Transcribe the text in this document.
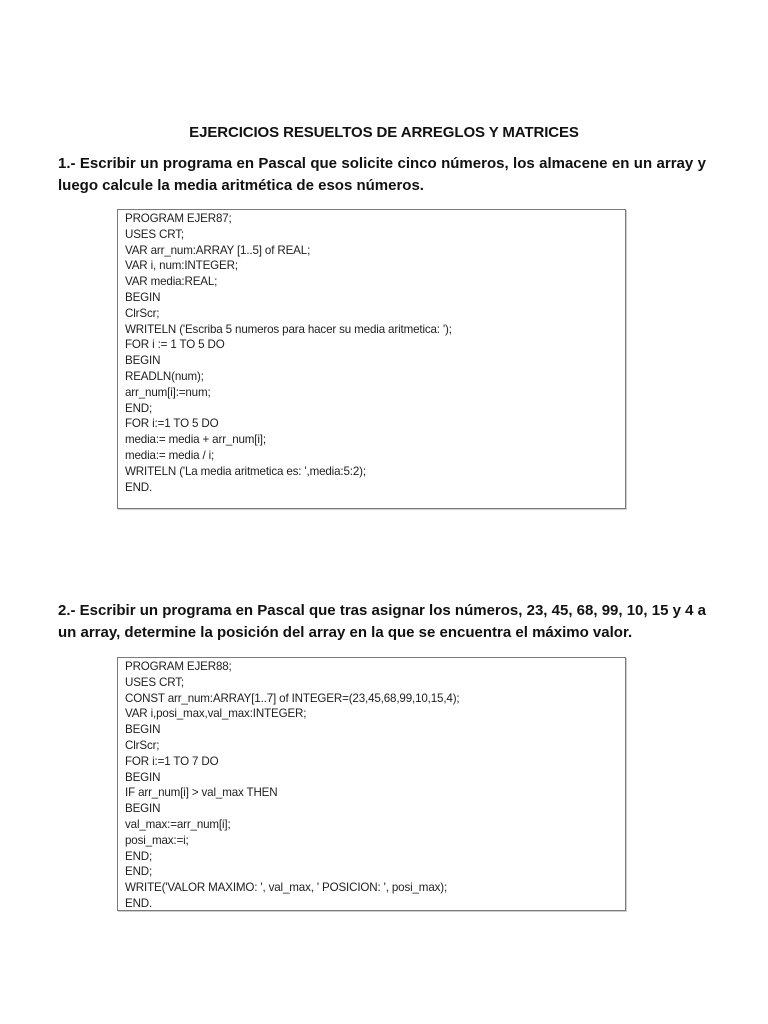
EJERCICIOS RESUELTOS DE ARREGLOS Y MATRICES
1.- Escribir un programa en Pascal que solicite cinco números, los almacene en un array y luego calcule la media aritmética de esos números.
PROGRAM EJER87;
USES CRT;
VAR arr_num:ARRAY [1..5] of REAL;
VAR i, num:INTEGER;
VAR media:REAL;
BEGIN
ClrScr;
WRITELN ('Escriba 5 numeros para hacer su media aritmetica: ');
FOR i := 1 TO 5 DO
BEGIN
READLN(num);
arr_num[i]:=num;
END;
FOR i:=1 TO 5 DO
media:= media + arr_num[i];
media:= media / i;
WRITELN ('La media aritmetica es: ',media:5:2);
END.
2.- Escribir un programa en Pascal que tras asignar los números, 23, 45, 68, 99, 10, 15 y 4 a un array, determine la posición del array en la que se encuentra el máximo valor.
PROGRAM EJER88;
USES CRT;
CONST arr_num:ARRAY[1..7] of INTEGER=(23,45,68,99,10,15,4);
VAR i,posi_max,val_max:INTEGER;
BEGIN
ClrScr;
FOR i:=1 TO 7 DO
BEGIN
IF arr_num[i] > val_max THEN
BEGIN
val_max:=arr_num[i];
posi_max:=i;
END;
END;
WRITE('VALOR MAXIMO: ', val_max, ' POSICION: ', posi_max);
END.
